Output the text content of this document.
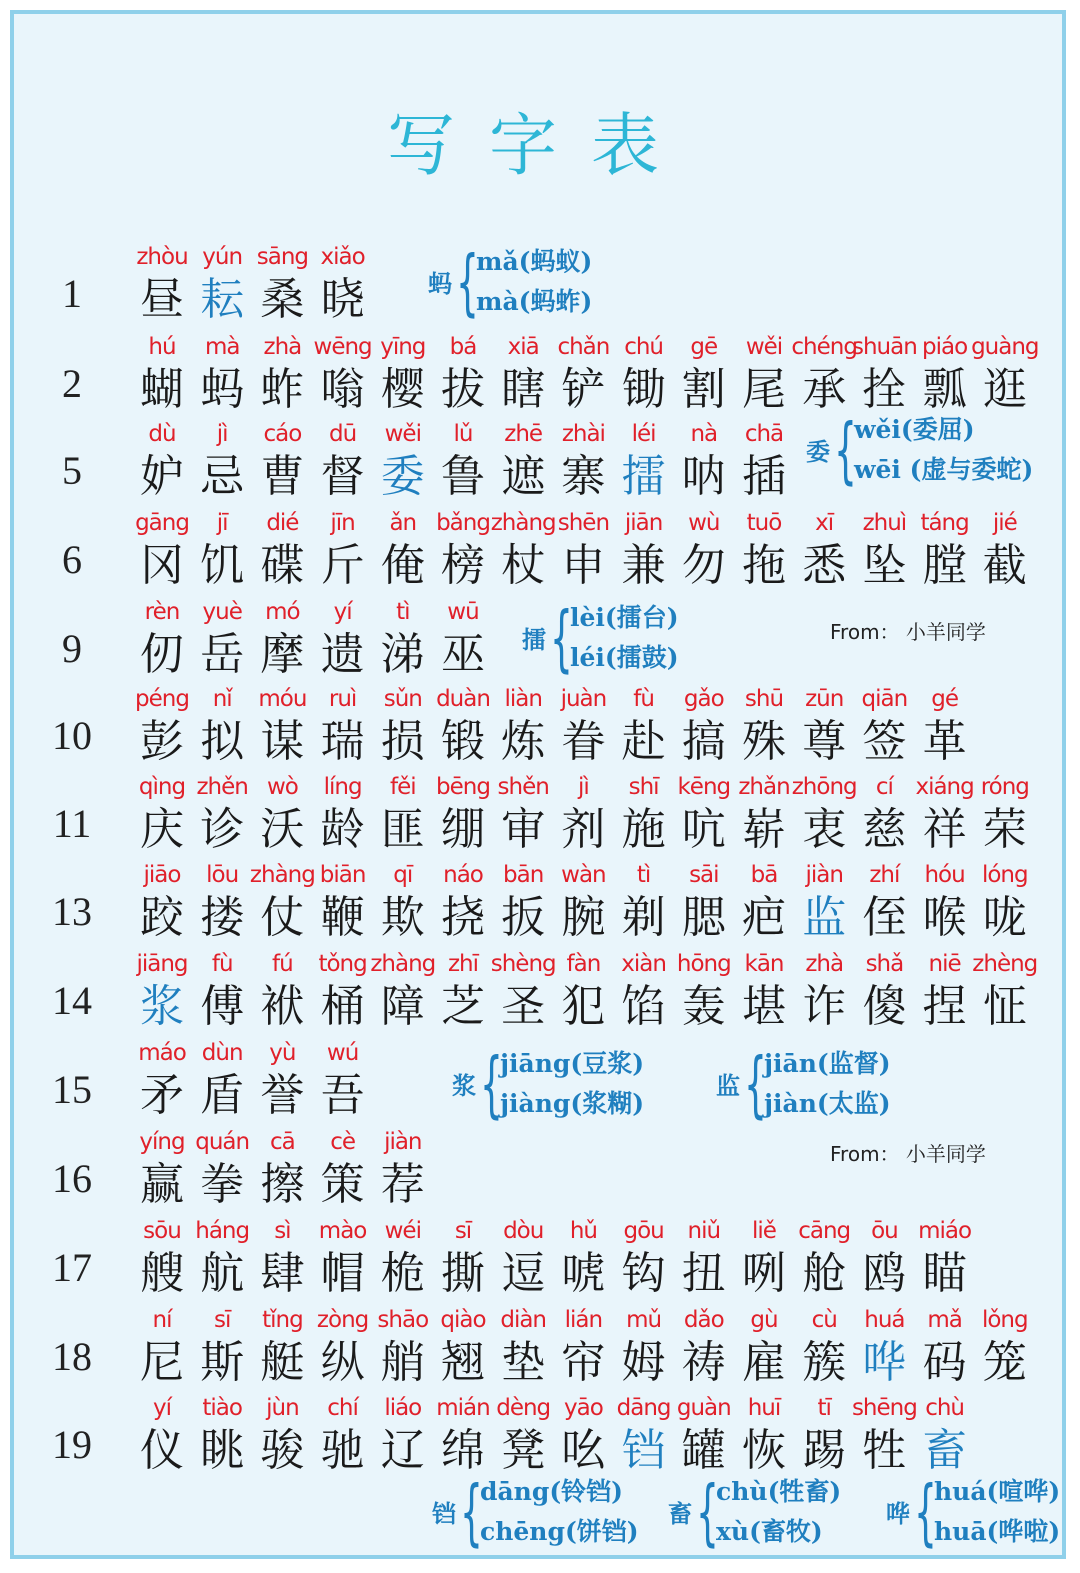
写字表
1
zhòu
昼
yún
耘
sāng
桑
xiǎo
晓
2
hú
蝴
mà
蚂
zhà
蚱
wēng
嗡
yīng
樱
bá
拔
xiā
瞎
chǎn
铲
chú
锄
gē
割
wěi
尾
chéng
承
shuān
拴
piáo
瓢
guàng
逛
5
dù
妒
jì
忌
cáo
曹
dū
督
wěi
委
lǔ
鲁
zhē
遮
zhài
寨
léi
擂
nà
呐
chā
插
6
gāng
冈
jī
饥
dié
碟
jīn
斤
ǎn
俺
bǎng
榜
zhàng
杖
shēn
申
jiān
兼
wù
勿
tuō
拖
xī
悉
zhuì
坠
táng
膛
jié
截
9
rèn
仞
yuè
岳
mó
摩
yí
遗
tì
涕
wū
巫
10
péng
彭
nǐ
拟
móu
谋
ruì
瑞
sǔn
损
duàn
锻
liàn
炼
juàn
眷
fù
赴
gǎo
搞
shū
殊
zūn
尊
qiān
签
gé
革
11
qìng
庆
zhěn
诊
wò
沃
líng
龄
fěi
匪
bēng
绷
shěn
审
jì
剂
shī
施
kēng
吭
zhǎn
崭
zhōng
衷
cí
慈
xiáng
祥
róng
荣
13
jiāo
跤
lōu
搂
zhàng
仗
biān
鞭
qī
欺
náo
挠
bān
扳
wàn
腕
tì
剃
sāi
腮
bā
疤
jiàn
监
zhí
侄
hóu
喉
lóng
咙
14
jiāng
浆
fù
傅
fú
袱
tǒng
桶
zhàng
障
zhī
芝
shèng
圣
fàn
犯
xiàn
馅
hōng
轰
kān
堪
zhà
诈
shǎ
傻
niē
捏
zhèng
怔
15
máo
矛
dùn
盾
yù
誉
wú
吾
16
yíng
赢
quán
拳
cā
擦
cè
策
jiàn
荐
17
sōu
艘
háng
航
sì
肆
mào
帽
wéi
桅
sī
撕
dòu
逗
hǔ
唬
gōu
钩
niǔ
扭
liě
咧
cāng
舱
ōu
鸥
miáo
瞄
18
ní
尼
sī
斯
tǐng
艇
zòng
纵
shāo
艄
qiào
翘
diàn
垫
lián
帘
mǔ
姆
dǎo
祷
gù
雇
cù
簇
huá
哗
mǎ
码
lǒng
笼
19
yí
仪
tiào
眺
jùn
骏
chí
驰
liáo
辽
mián
绵
dèng
凳
yāo
吆
dāng
铛
guàn
罐
huī
恢
tī
踢
shēng
牲
chù
畜
蚂 {
mǎ(蚂蚁)
mà(蚂蚱)
委 {
wěi(委屈)
wēi (虚与委蛇)
擂 {
lèi(擂台)
léi(擂鼓)
浆 {
jiāng(豆浆)
jiàng(浆糊)
监 {
jiān(监督)
jiàn(太监)
铛 {
dāng(铃铛)
chēng(饼铛)
畜 {
chù(牲畜)
xù(畜牧)
哗 {
huá(喧哗)
huā(哗啦)
From： 小羊同学
From： 小羊同学
